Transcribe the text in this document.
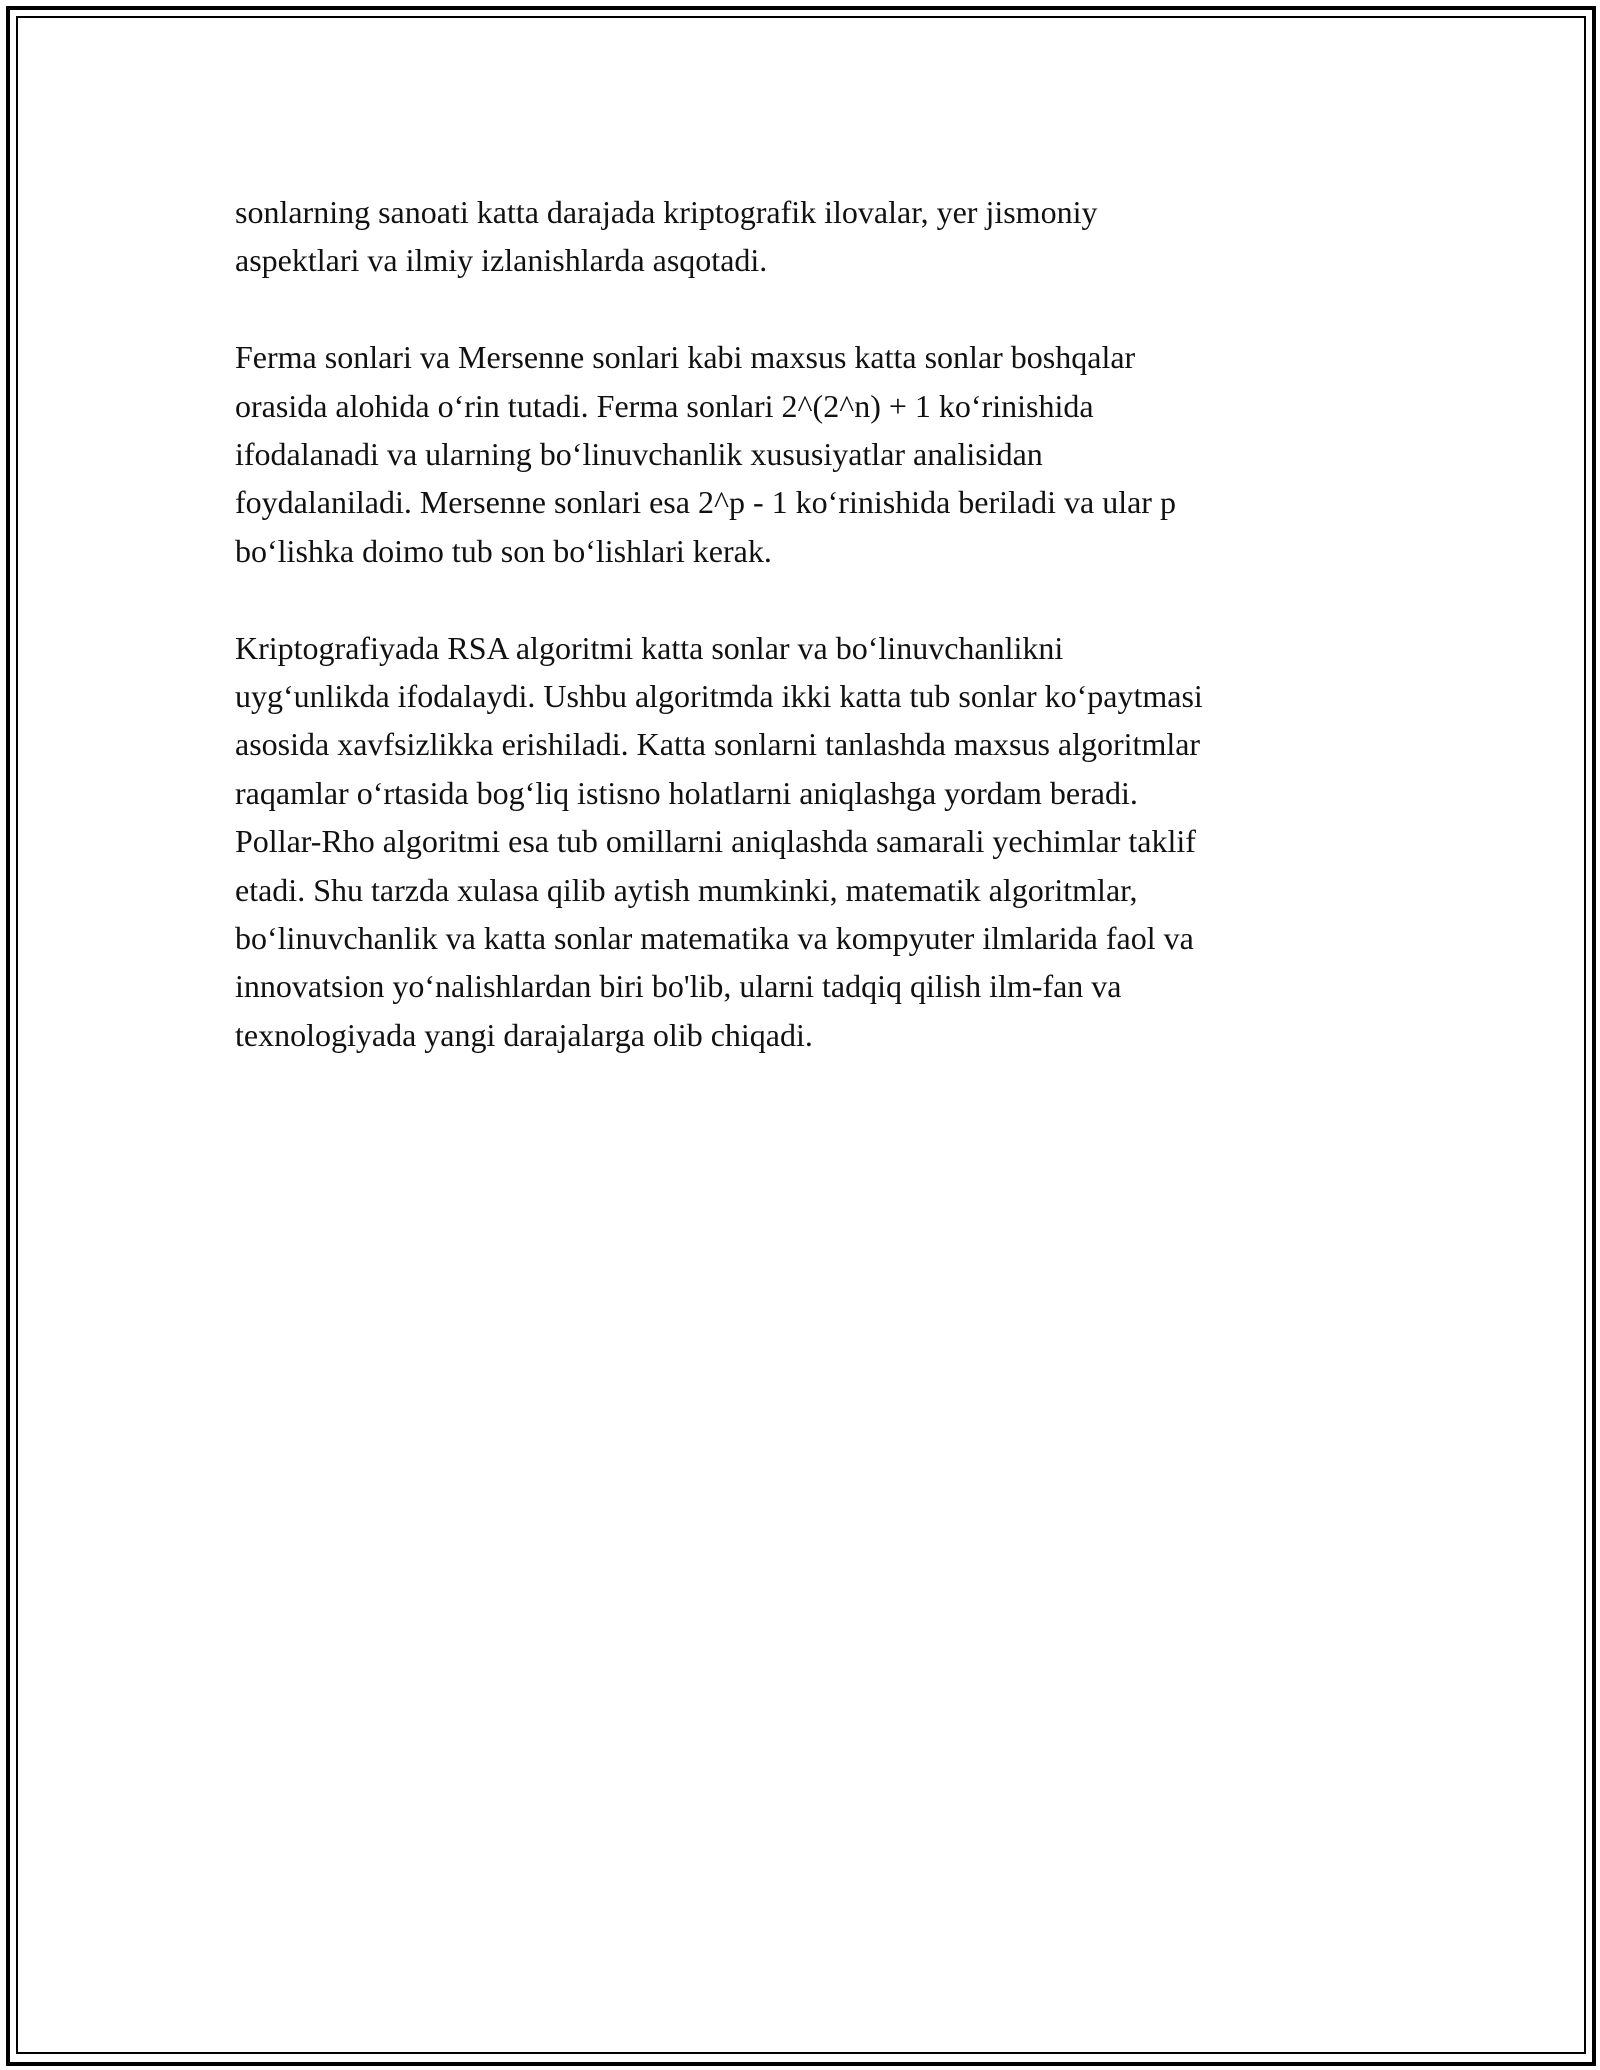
sonlarning sanoati katta darajada kriptografik ilovalar, yer jismoniy
aspektlari va ilmiy izlanishlarda asqotadi.

Ferma sonlari va Mersenne sonlari kabi maxsus katta sonlar boshqalar
orasida alohida o‘rin tutadi. Ferma sonlari 2^(2^n) + 1 ko‘rinishida
ifodalanadi va ularning bo‘linuvchanlik xususiyatlar analisidan
foydalaniladi. Mersenne sonlari esa 2^p - 1 ko‘rinishida beriladi va ular p
bo‘lishka doimo tub son bo‘lishlari kerak.

Kriptografiyada RSA algoritmi katta sonlar va bo‘linuvchanlikni
uyg‘unlikda ifodalaydi. Ushbu algoritmda ikki katta tub sonlar ko‘paytmasi
asosida xavfsizlikka erishiladi. Katta sonlarni tanlashda maxsus algoritmlar
raqamlar o‘rtasida bog‘liq istisno holatlarni aniqlashga yordam beradi.
Pollar-Rho algoritmi esa tub omillarni aniqlashda samarali yechimlar taklif
etadi. Shu tarzda xulasa qilib aytish mumkinki, matematik algoritmlar,
bo‘linuvchanlik va katta sonlar matematika va kompyuter ilmlarida faol va
innovatsion yo‘nalishlardan biri bo'lib, ularni tadqiq qilish ilm-fan va
texnologiyada yangi darajalarga olib chiqadi.
